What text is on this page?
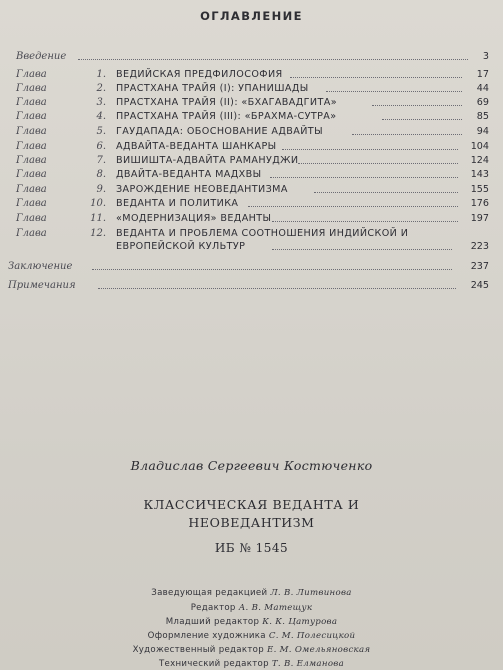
ОГЛАВЛЕНИЕ
Введение	3
Глава	1. ВЕДИЙСКАЯ ПРЕДФИЛОСОФИЯ	17
Глава	2. ПРАСТХАНА ТРАЙЯ (I): УПАНИШАДЫ	44
Глава	3. ПРАСТХАНА ТРАЙЯ (II): «БХАГАВАДГИТА»	69
Глава	4. ПРАСТХАНА ТРАЙЯ (III): «БРАХМА-СУТРА»	85
Глава	5. ГАУДАПАДА: ОБОСНОВАНИЕ АДВАЙТЫ	94
Глава	6. АДВАЙТА-ВЕДАНТА ШАНКАРЫ	104
Глава	7. ВИШИШТА-АДВАЙТА РАМАНУДЖИ	124
Глава	8. ДВАЙТА-ВЕДАНТА МАДХВЫ	143
Глава	9. ЗАРОЖДЕНИЕ НЕОВЕДАНТИЗМА	155
Глава	10. ВЕДАНТА И ПОЛИТИКА	176
Глава	11. «МОДЕРНИЗАЦИЯ» ВЕДАНТЫ	197
Глава	12. ВЕДАНТА И ПРОБЛЕМА СООТНОШЕНИЯ ИНДИЙСКОЙ И
ЕВРОПЕЙСКОЙ КУЛЬТУР	223
Заключение	237
Примечания	245
Владислав Сергеевич Костюченко
КЛАССИЧЕСКАЯ ВЕДАНТА И
НЕОВЕДАНТИЗМ
ИБ № 1545
Заведующая редакцией Л. В. Литвинова
Редактор А. В. Матещук
Младший редактор К. К. Цатурова
Оформление художника С. М. Полесицкой
Художественный редактор Е. М. Омельяновская
Технический редактор Т. В. Елманова
